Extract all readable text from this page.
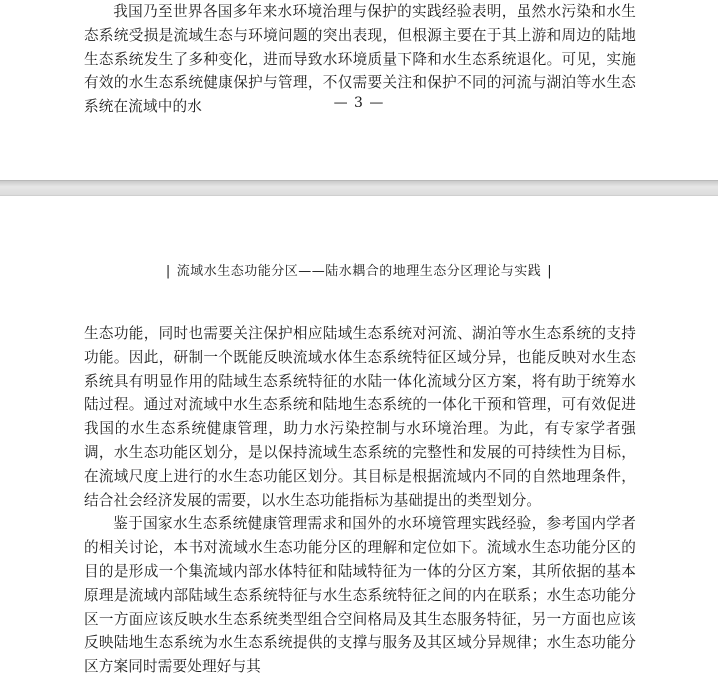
我国乃至世界各国多年来水环境治理与保护的实践经验表明，虽然水污染和水生态系统受损是流域生态与环境问题的突出表现，但根源主要在于其上游和周边的陆地生态系统发生了多种变化，进而导致水环境质量下降和水生态系统退化。可见，实施有效的水生态系统健康保护与管理，不仅需要关注和保护不同的河流与湖泊等水生态系统在流域中的水	— 3 —
| 流域水生态功能分区——陆水耦合的地理生态分区理论与实践 |

生态功能，同时也需要关注保护相应陆域生态系统对河流、湖泊等水生态系统的支持功能。因此，研制一个既能反映流域水体生态系统特征区域分异，也能反映对水生态系统具有明显作用的陆域生态系统特征的水陆一体化流域分区方案，将有助于统筹水陆过程。通过对流域中水生态系统和陆地生态系统的一体化干预和管理，可有效促进我国的水生态系统健康管理，助力水污染控制与水环境治理。为此，有专家学者强调，水生态功能区划分，是以保持流域生态系统的完整性和发展的可持续性为目标，在流域尺度上进行的水生态功能区划分。其目标是根据流域内不同的自然地理条件，结合社会经济发展的需要，以水生态功能指标为基础提出的类型划分。

鉴于国家水生态系统健康管理需求和国外的水环境管理实践经验，参考国内学者的相关讨论，本书对流域水生态功能分区的理解和定位如下。流域水生态功能分区的目的是形成一个集流域内部水体特征和陆域特征为一体的分区方案，其所依据的基本原理是流域内部陆域生态系统特征与水生态系统特征之间的内在联系；水生态功能分区一方面应该反映水生态系统类型组合空间格局及其生态服务特征，另一方面也应该反映陆地生态系统为水生态系统提供的支撑与服务及其区域分异规律；水生态功能分区方案同时需要处理好与其
